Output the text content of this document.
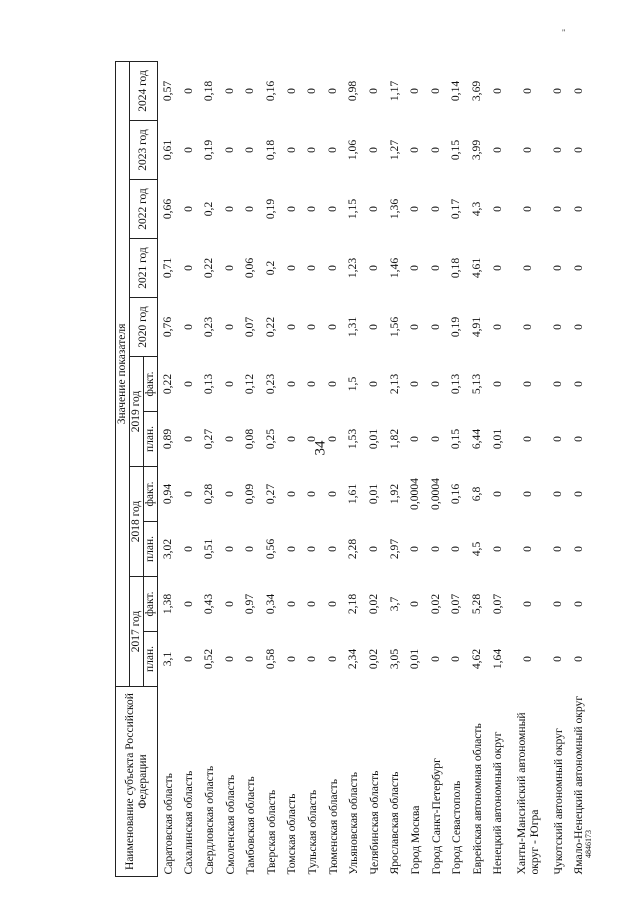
34
"
4846173
Наименование субъекта Российской Федерации	Значение показателя										
	2017 год		2018 год		2019 год		2020 год	2021 год	2022 год	2023 год	2024 год
	план.	факт.	план.	факт.	план.	факт.					
Саратовская область	3,1	1,38	3,02	0,94	0,89	0,22	0,76	0,71	0,66	0,61	0,57
Сахалинская область	0	0	0	0	0	0	0	0	0	0	0
Свердловская область	0,52	0,43	0,51	0,28	0,27	0,13	0,23	0,22	0,2	0,19	0,18
Смоленская область	0	0	0	0	0	0	0	0	0	0	0
Тамбовская область	0	0,97	0	0,09	0,08	0,12	0,07	0,06	0	0	0
Тверская область	0,58	0,34	0,56	0,27	0,25	0,23	0,22	0,2	0,19	0,18	0,16
Томская область	0	0	0	0	0	0	0	0	0	0	0
Тульская область	0	0	0	0	0	0	0	0	0	0	0
Тюменская область	0	0	0	0	0	0	0	0	0	0	0
Ульяновская область	2,34	2,18	2,28	1,61	1,53	1,5	1,31	1,23	1,15	1,06	0,98
Челябинская область	0,02	0,02	0	0,01	0,01	0	0	0	0	0	0
Ярославская область	3,05	3,7	2,97	1,92	1,82	2,13	1,56	1,46	1,36	1,27	1,17
Город Москва	0,01	0	0	0,0004	0	0	0	0	0	0	0
Город Санкт-Петербург	0	0,02	0	0,0004	0	0	0	0	0	0	0
Город Севастополь	0	0,07	0	0,16	0,15	0,13	0,19	0,18	0,17	0,15	0,14
Еврейская автономная область	4,62	5,28	4,5	6,8	6,44	5,13	4,91	4,61	4,3	3,99	3,69
Ненецкий автономный округ	1,64	0,07	0	0	0,01	0	0	0	0	0	0
Ханты-Мансийский автономный округ - Югра	0	0	0	0	0	0	0	0	0	0	0
Чукотский автономный округ	0	0	0	0	0	0	0	0	0	0	0
Ямало-Ненецкий автономный округ	0	0	0	0	0	0	0	0	0	0	0
